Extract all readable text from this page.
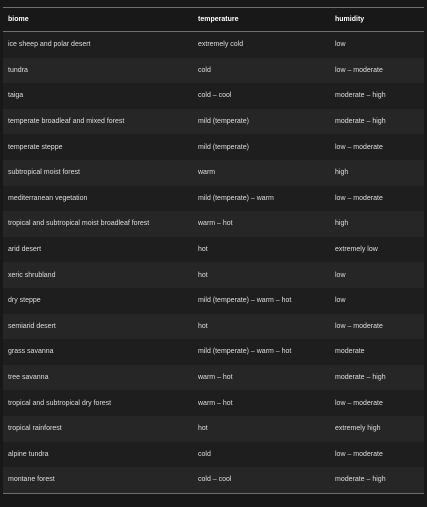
biome	temperature	humidity
ice sheep and polar desert	extremely cold	low
tundra	cold	low – moderate
taiga	cold – cool	moderate – high
temperate broadleaf and mixed forest	mild (temperate)	moderate – high
temperate steppe	mild (temperate)	low – moderate
subtropical moist forest	warm	high
mediterranean vegetation	mild (temperate) – warm	low – moderate
tropical and subtropical moist broadleaf forest	warm – hot	high
arid desert	hot	extremely low
xeric shrubland	hot	low
dry steppe	mild (temperate) – warm – hot	low
semiarid desert	hot	low – moderate
grass savanna	mild (temperate) – warm – hot	moderate
tree savanna	warm – hot	moderate – high
tropical and subtropical dry forest	warm – hot	low – moderate
tropical rainforest	hot	extremely high
alpine tundra	cold	low – moderate
montane forest	cold – cool	moderate – high
